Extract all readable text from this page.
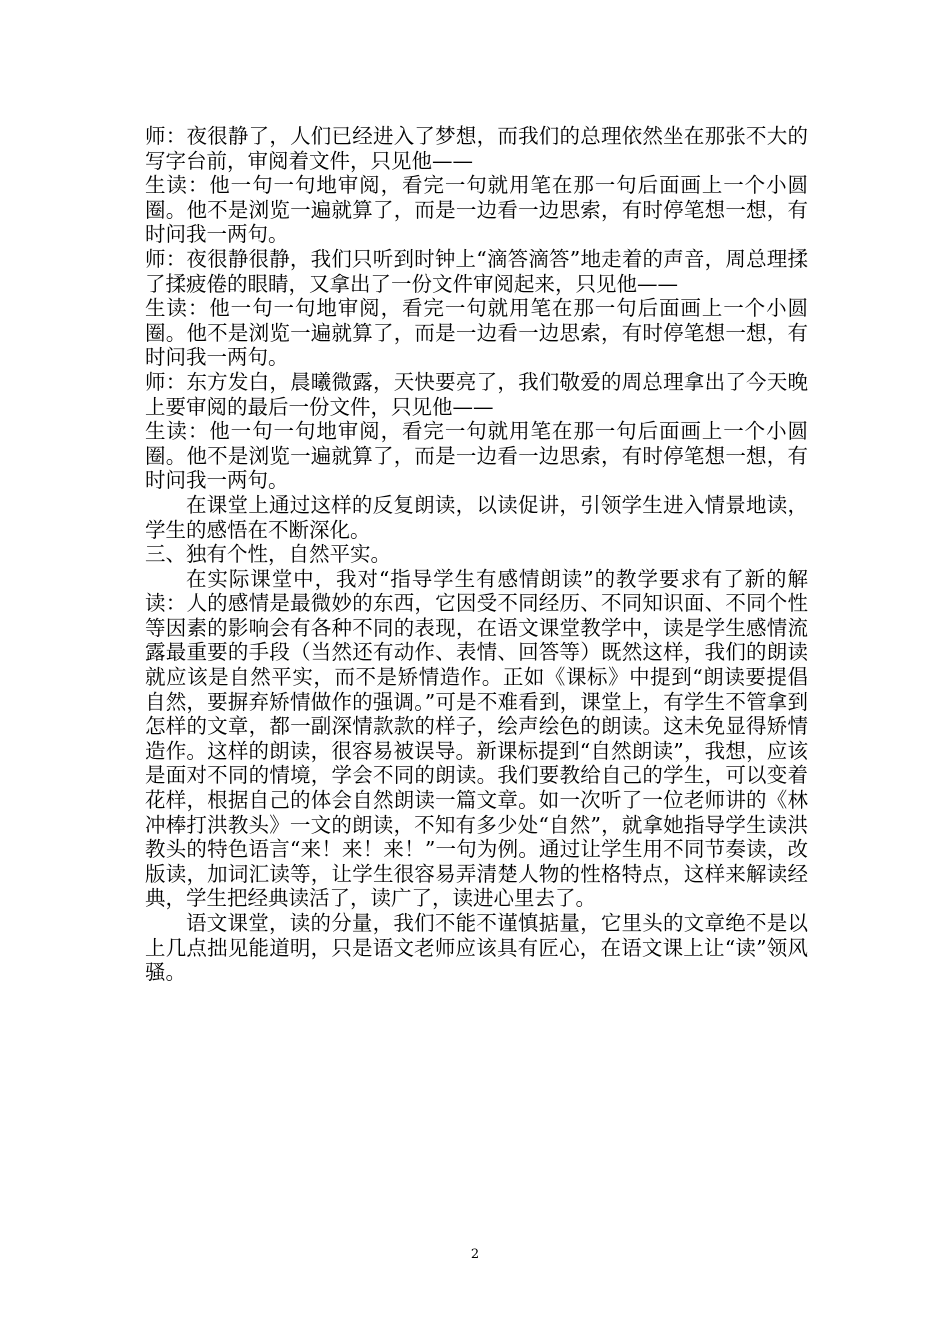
师：夜很静了，人们已经进入了梦想，而我们的总理依然坐在那张不大的写字台前，审阅着文件，只见他——

生读：他一句一句地审阅，看完一句就用笔在那一句后面画上一个小圆圈。他不是浏览一遍就算了，而是一边看一边思索，有时停笔想一想，有时问我一两句。

师：夜很静很静，我们只听到时钟上“滴答滴答”地走着的声音，周总理揉了揉疲倦的眼睛，又拿出了一份文件审阅起来，只见他——

生读：他一句一句地审阅，看完一句就用笔在那一句后面画上一个小圆圈。他不是浏览一遍就算了，而是一边看一边思索，有时停笔想一想，有时问我一两句。

师：东方发白，晨曦微露，天快要亮了，我们敬爱的周总理拿出了今天晚上要审阅的最后一份文件，只见他——

生读：他一句一句地审阅，看完一句就用笔在那一句后面画上一个小圆圈。他不是浏览一遍就算了，而是一边看一边思索，有时停笔想一想，有时问我一两句。

在课堂上通过这样的反复朗读，以读促讲，引领学生进入情景地读，学生的感悟在不断深化。

三、独有个性，自然平实。

在实际课堂中，我对“指导学生有感情朗读”的教学要求有了新的解读：人的感情是最微妙的东西，它因受不同经历、不同知识面、不同个性等因素的影响会有各种不同的表现，在语文课堂教学中，读是学生感情流露最重要的手段（当然还有动作、表情、回答等）既然这样，我们的朗读就应该是自然平实，而不是矫情造作。正如《课标》中提到“朗读要提倡自然，要摒弃矫情做作的强调。”可是不难看到，课堂上，有学生不管拿到怎样的文章，都一副深情款款的样子，绘声绘色的朗读。这未免显得矫情造作。这样的朗读，很容易被误导。新课标提到“自然朗读”，我想，应该是面对不同的情境，学会不同的朗读。我们要教给自己的学生，可以变着花样，根据自己的体会自然朗读一篇文章。如一次听了一位老师讲的《林冲棒打洪教头》一文的朗读，不知有多少处“自然”，就拿她指导学生读洪教头的特色语言“来！来！来！”一句为例。通过让学生用不同节奏读，改版读，加词汇读等，让学生很容易弄清楚人物的性格特点，这样来解读经典，学生把经典读活了，读广了，读进心里去了。

语文课堂，读的分量，我们不能不谨慎掂量，它里头的文章绝不是以上几点拙见能道明，只是语文老师应该具有匠心，在语文课上让“读”领风骚。

2
